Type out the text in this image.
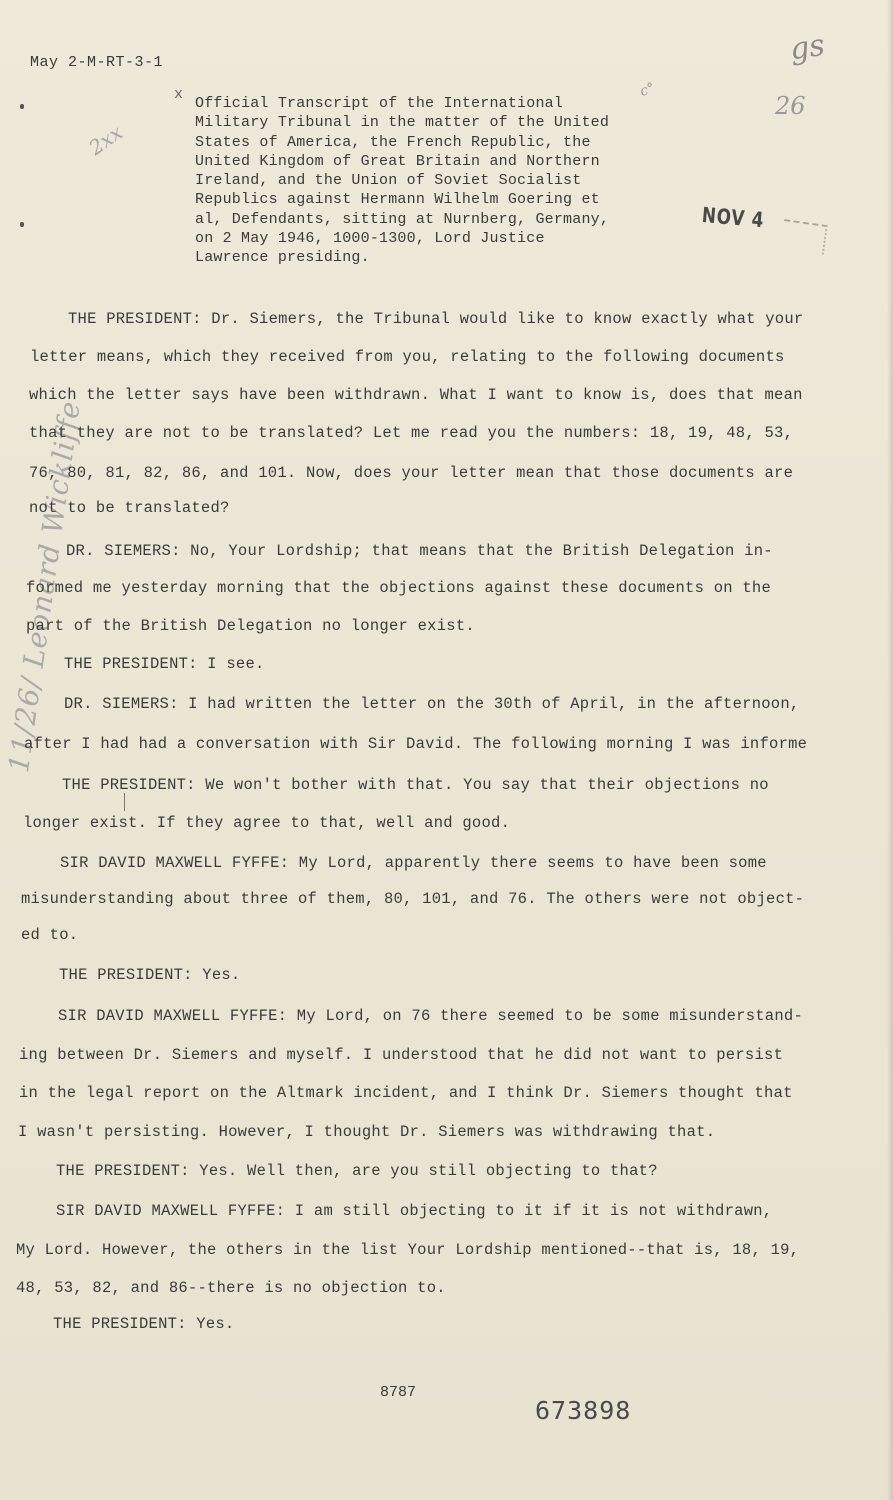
May 2-M-RT-3-1	gs
26
c°
2xx
x
11/26/ Leonard Wickliffe
Official Transcript of the International
Military Tribunal in the matter of the United
States of America, the French Republic, the
United Kingdom of Great Britain and Northern
Ireland, and the Union of Soviet Socialist
Republics against Hermann Wilhelm Goering et
al, Defendants, sitting at Nurnberg, Germany,
on 2 May 1946, 1000-1300, Lord Justice
Lawrence presiding.
NOV 4
THE PRESIDENT: Dr. Siemers, the Tribunal would like to know exactly what your
letter means, which they received from you, relating to the following documents
which the letter says have been withdrawn. What I want to know is, does that mean
that they are not to be translated? Let me read you the numbers: 18, 19, 48, 53,
76, 80, 81, 82, 86, and 101. Now, does your letter mean that those documents are
not to be translated?
DR. SIEMERS: No, Your Lordship; that means that the British Delegation in-
formed me yesterday morning that the objections against these documents on the
part of the British Delegation no longer exist.
THE PRESIDENT: I see.
DR. SIEMERS: I had written the letter on the 30th of April, in the afternoon,
after I had had a conversation with Sir David. The following morning I was informe
THE PRESIDENT: We won't bother with that. You say that their objections no
longer exist. If they agree to that, well and good.
SIR DAVID MAXWELL FYFFE: My Lord, apparently there seems to have been some
misunderstanding about three of them, 80, 101, and 76. The others were not object-
ed to.
THE PRESIDENT: Yes.
SIR DAVID MAXWELL FYFFE: My Lord, on 76 there seemed to be some misunderstand-
ing between Dr. Siemers and myself. I understood that he did not want to persist
in the legal report on the Altmark incident, and I think Dr. Siemers thought that
I wasn't persisting. However, I thought Dr. Siemers was withdrawing that.
THE PRESIDENT: Yes. Well then, are you still objecting to that?
SIR DAVID MAXWELL FYFFE: I am still objecting to it if it is not withdrawn,
My Lord. However, the others in the list Your Lordship mentioned--that is, 18, 19,
48, 53, 82, and 86--there is no objection to.
THE PRESIDENT: Yes.
8787
673898
